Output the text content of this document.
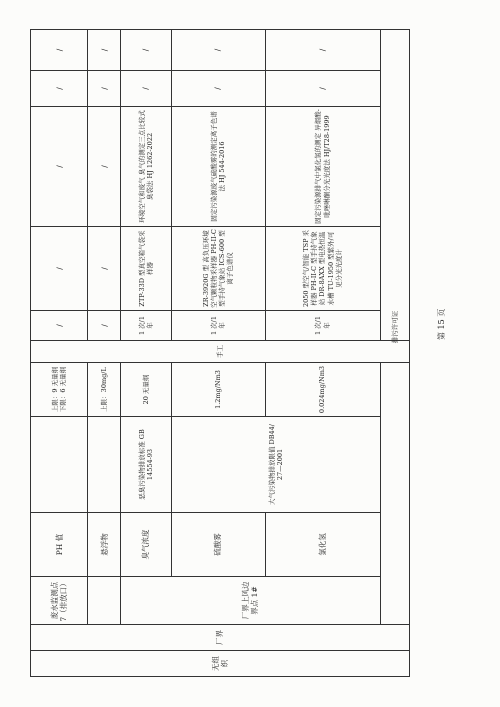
无组织	厂界	废水监测点 7（排放口）	PH 值		上限：9 无量纲 下限：6 无量纲	手工	/	/	/	/	/
			悬浮物		上限：30mg/L		/	/	/	/	/
		厂界上风边界点 1#	臭气浓度	恶臭污染物排放标准 GB 14554-93	20 无量纲		1 次/1 年	ZTP-33D 型真空箱气袋采样器	环境空气和废气 臭气的测定三点比较式臭袋法 HJ 1262-2022	/	/
			硫酸雾	大气污染物排放限值 DB44/ 27—2001	1.2mg/Nm3		1 次/1 年	ZR-3920G 型 高负压环境空气颗粒物采样器 PH-II-C 型手持气象站 ICS-600 型离子色谱仪	固定污染源废气硫酸雾的测定离子色谱法 HJ 544-2016	/	/
			氯化氢		0.024mg/Nm3		1 次/1 年	2050 型空气/智能 TSP 采样器 PH-II-C 型手持气象站 DR-8AXX 型电热恒温水槽 TU-1950 型紫外/可见分光光度计	固定污染源排气中氯化氢的测定 异烟酸-吡唑啉酮分光光度法 HJ/T28-1999	/	/
		排污许可证										第 15 页
